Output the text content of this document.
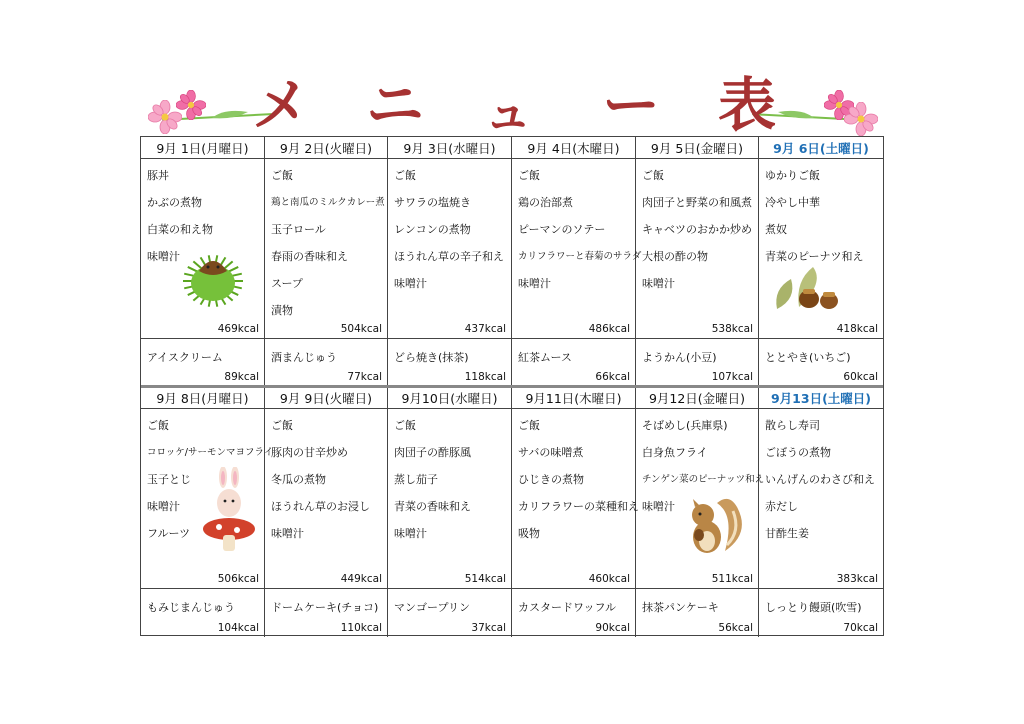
メ ニ ュ ー 表
9月 1日(月曜日)
豚丼
かぶの煮物
白菜の和え物
味噌汁
469kcal
アイスクリーム
89kcal
9月 2日(火曜日)
ご飯
鶏と南瓜のミルクカレー煮
玉子ロール
春雨の香味和え
スープ
漬物
504kcal
酒まんじゅう
77kcal
9月 3日(水曜日)
ご飯
サワラの塩焼き
レンコンの煮物
ほうれん草の辛子和え
味噌汁
437kcal
どら焼き(抹茶)
118kcal
9月 4日(木曜日)
ご飯
鶏の治部煮
ピーマンのソテー
カリフラワーと春菊のサラダ
味噌汁
486kcal
紅茶ムース
66kcal
9月 5日(金曜日)
ご飯
肉団子と野菜の和風煮
キャベツのおかか炒め
大根の酢の物
味噌汁
538kcal
ようかん(小豆)
107kcal
9月 6日(土曜日)
ゆかりご飯
冷やし中華
煮奴
青菜のピーナツ和え
418kcal
ととやき(いちご)
60kcal
9月 8日(月曜日)
ご飯
コロッケ/サーモンマヨフライ
玉子とじ
味噌汁
フルーツ
506kcal
もみじまんじゅう
104kcal
9月 9日(火曜日)
ご飯
豚肉の甘辛炒め
冬瓜の煮物
ほうれん草のお浸し
味噌汁
449kcal
ドームケーキ(チョコ)
110kcal
9月10日(水曜日)
ご飯
肉団子の酢豚風
蒸し茄子
青菜の香味和え
味噌汁
514kcal
マンゴープリン
37kcal
9月11日(木曜日)
ご飯
サバの味噌煮
ひじきの煮物
カリフラワーの菜種和え
吸物
460kcal
カスタードワッフル
90kcal
9月12日(金曜日)
そばめし(兵庫県)
白身魚フライ
チンゲン菜のピーナッツ和え
味噌汁
511kcal
抹茶パンケーキ
56kcal
9月13日(土曜日)
散らし寿司
ごぼうの煮物
いんげんのわさび和え
赤だし
甘酢生姜
383kcal
しっとり饅頭(吹雪)
70kcal
